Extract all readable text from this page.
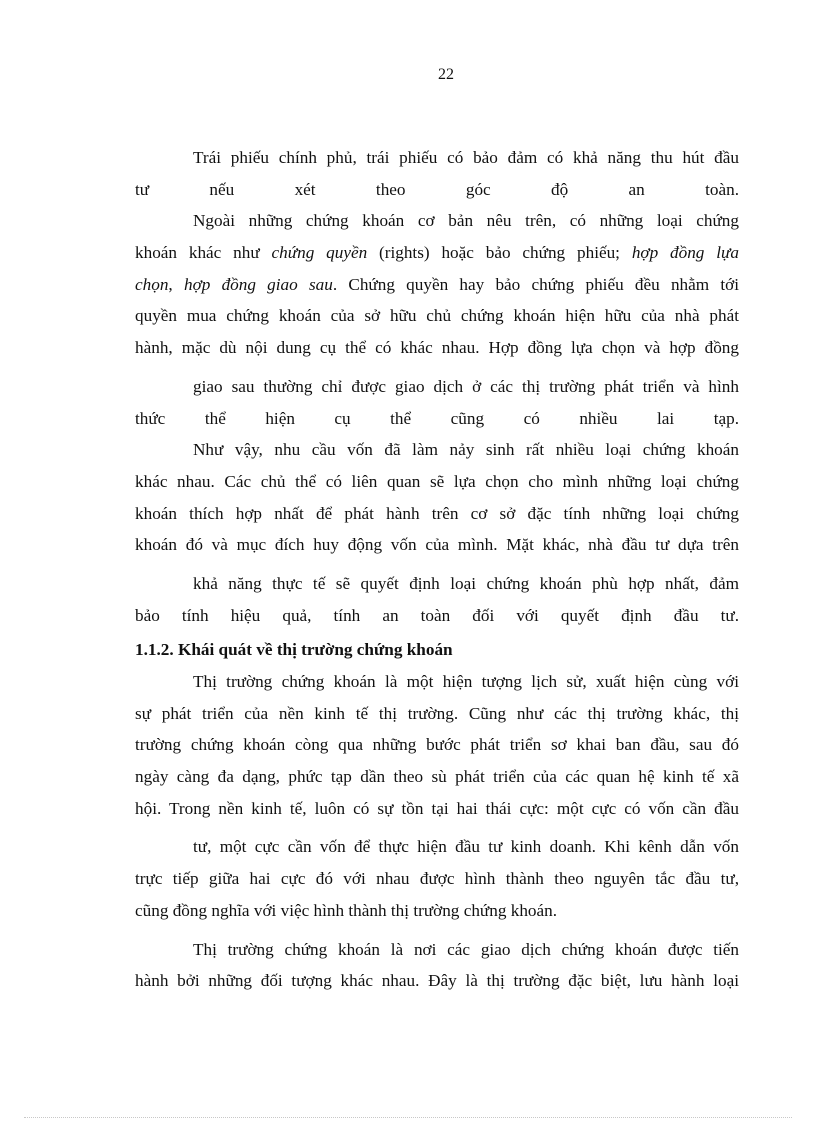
22
Trái phiếu chính phủ, trái phiếu có bảo đảm có khả năng thu hút đầu
tư nếu xét theo góc độ an toàn.
Ngoài những chứng khoán cơ bản nêu trên, có những loại chứng
khoán khác như chứng quyền (rights) hoặc bảo chứng phiếu; hợp đồng lựa
chọn, hợp đồng giao sau. Chứng quyền hay bảo chứng phiếu đều nhằm tới
quyền mua chứng khoán của sở hữu chủ chứng khoán hiện hữu của nhà phát
hành, mặc dù nội dung cụ thể có khác nhau. Hợp đồng lựa chọn và hợp đồng
giao sau thường chỉ được giao dịch ở các thị trường phát triển và hình
thức thể hiện cụ thể cũng có nhiều lai tạp.
Như vậy, nhu cầu vốn đã làm nảy sinh rất nhiều loại chứng khoán
khác nhau. Các chủ thể có liên quan sẽ lựa chọn cho mình những loại chứng
khoán thích hợp nhất để phát hành trên cơ sở đặc tính những loại chứng
khoán đó và mục đích huy động vốn của mình. Mặt khác, nhà đầu tư dựa trên
khả năng thực tế sẽ quyết định loại chứng khoán phù hợp nhất, đảm
bảo tính hiệu quả, tính an toàn đối với quyết định đầu tư.
1.1.2. Khái quát về thị trường chứng khoán
Thị trường chứng khoán là một hiện tượng lịch sử, xuất hiện cùng với
sự phát triển của nền kinh tế thị trường. Cũng như các thị trường khác, thị
trường chứng khoán còng qua những bước phát triển sơ khai ban đầu, sau đó
ngày càng đa dạng, phức tạp dần theo sù phát triển của các quan hệ kinh tế xã
hội. Trong nền kinh tế, luôn có sự tồn tại hai thái cực: một cực có vốn cần đầu
tư, một cực cần vốn để thực hiện đầu tư kinh doanh. Khi kênh dẫn vốn
trực tiếp giữa hai cực đó với nhau được hình thành theo nguyên tắc đầu tư,
cũng đồng nghĩa với việc hình thành thị trường chứng khoán.
Thị trường chứng khoán là nơi các giao dịch chứng khoán được tiến
hành bởi những đối tượng khác nhau. Đây là thị trường đặc biệt, lưu hành loại
